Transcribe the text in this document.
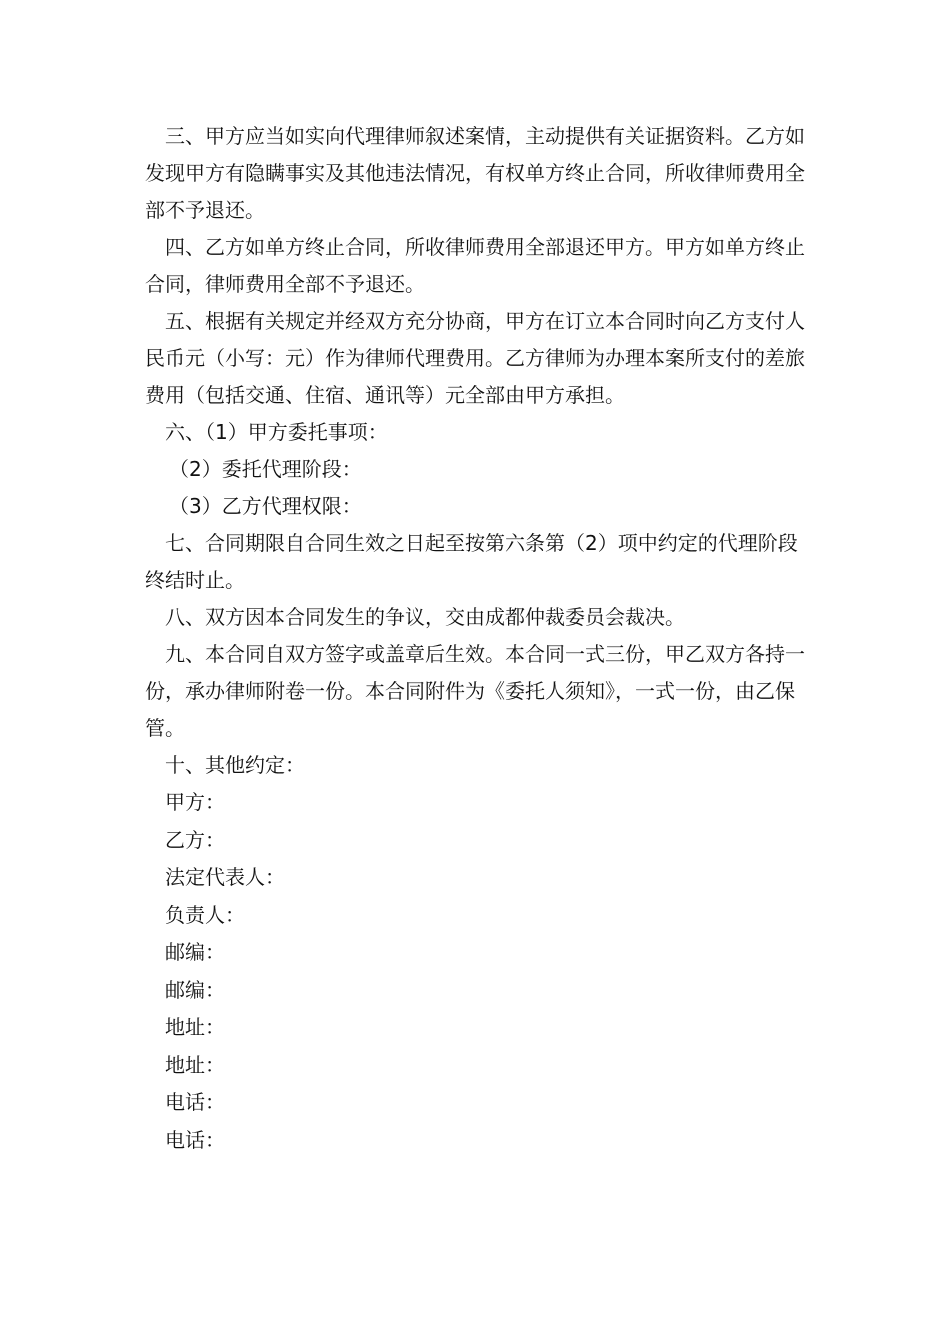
三、甲方应当如实向代理律师叙述案情，主动提供有关证据资料。乙方如发现甲方有隐瞒事实及其他违法情况，有权单方终止合同，所收律师费用全部不予退还。

四、乙方如单方终止合同，所收律师费用全部退还甲方。甲方如单方终止合同，律师费用全部不予退还。

五、根据有关规定并经双方充分协商，甲方在订立本合同时向乙方支付人民币元（小写：元）作为律师代理费用。乙方律师为办理本案所支付的差旅费用（包括交通、住宿、通讯等）元全部由甲方承担。

六、（1）甲方委托事项：

（2）委托代理阶段：

（3）乙方代理权限：

七、合同期限自合同生效之日起至按第六条第（2）项中约定的代理阶段终结时止。

八、双方因本合同发生的争议，交由成都仲裁委员会裁决。

九、本合同自双方签字或盖章后生效。本合同一式三份，甲乙双方各持一份，承办律师附卷一份。本合同附件为《委托人须知》，一式一份，由乙保管。

十、其他约定：

甲方：

乙方：

法定代表人：

负责人：

邮编：

邮编：

地址：

地址：

电话：

电话：
